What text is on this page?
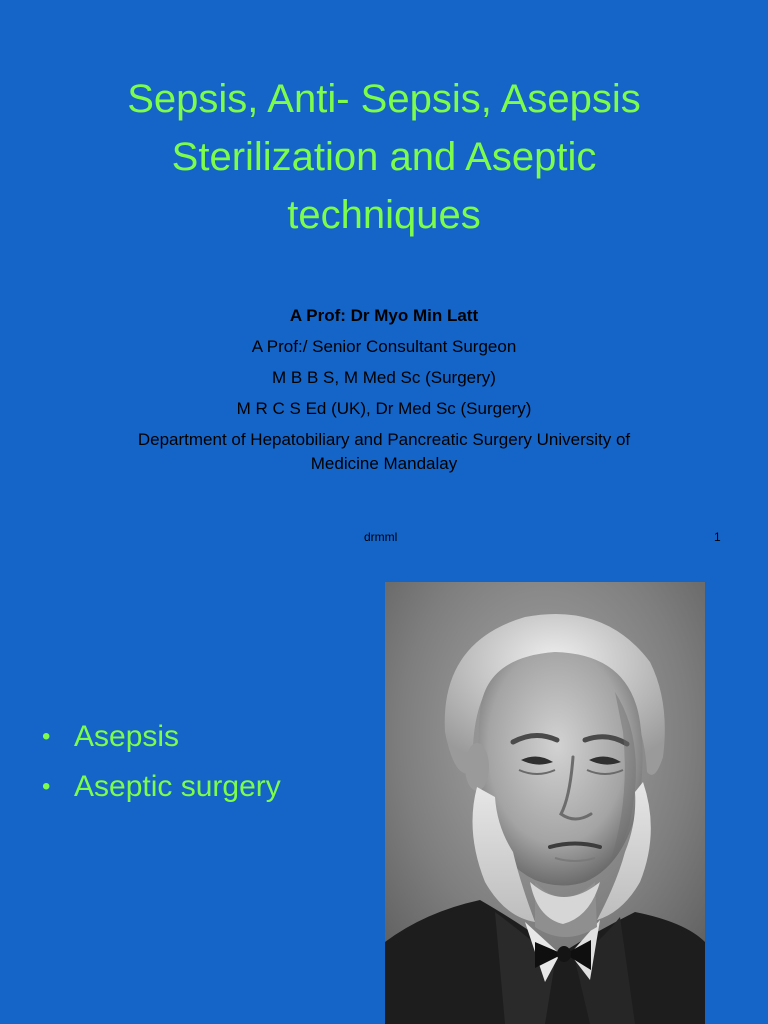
Sepsis, Anti- Sepsis, Asepsis
Sterilization and Aseptic
techniques
A Prof: Dr Myo Min Latt
A Prof:/ Senior Consultant Surgeon
M B B S, M Med Sc (Surgery)
M R C S Ed (UK), Dr Med Sc (Surgery)
Department of Hepatobiliary and Pancreatic Surgery University of
Medicine Mandalay
drmml	1
• Asepsis
• Aseptic surgery
